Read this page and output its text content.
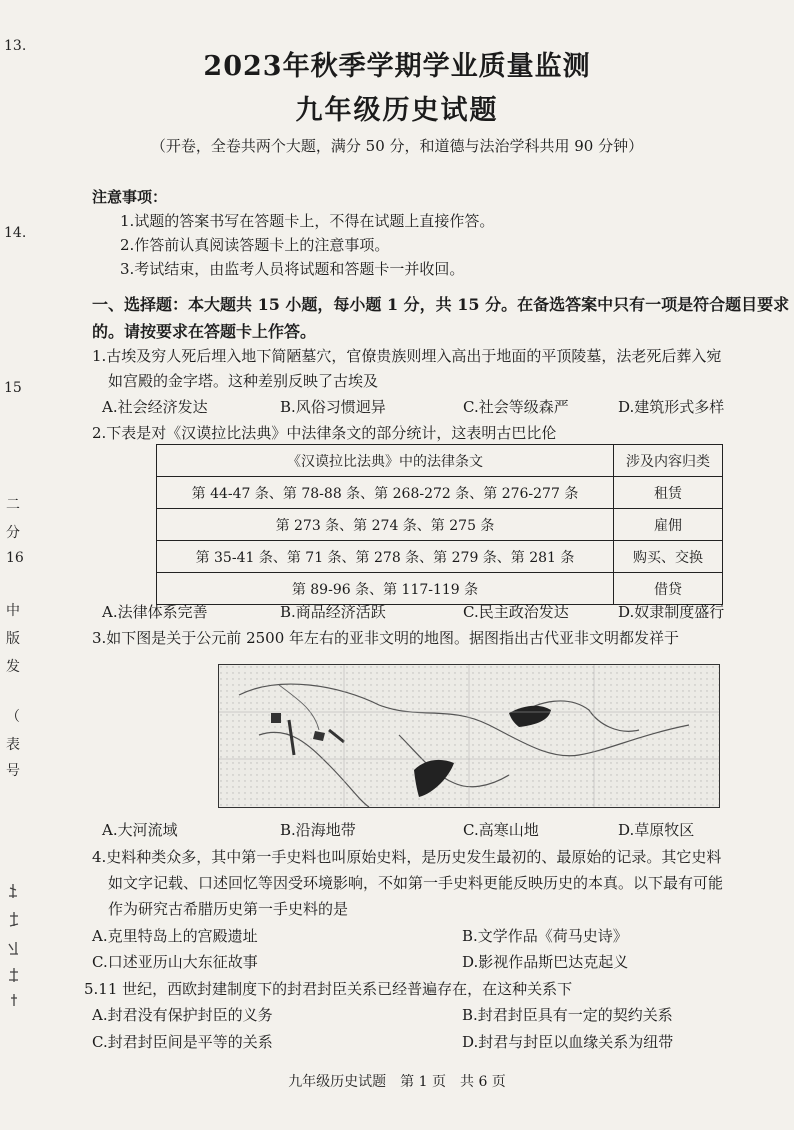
13.
14.
15
二
分
16
中
版
发
（
表
号
2023年秋季学期学业质量监测
九年级历史试题
（开卷，全卷共两个大题，满分 50 分，和道德与法治学科共用 90 分钟）
注意事项：
1.试题的答案书写在答题卡上，不得在试题上直接作答。
2.作答前认真阅读答题卡上的注意事项。
3.考试结束，由监考人员将试题和答题卡一并收回。
一、选择题：本大题共 15 小题，每小题 1 分，共 15 分。在备选答案中只有一项是符合题目要求
的。请按要求在答题卡上作答。
1.古埃及穷人死后埋入地下简陋墓穴，官僚贵族则埋入高出于地面的平顶陵墓，法老死后葬入宛
如宫殿的金字塔。这种差别反映了古埃及
A.社会经济发达	B.风俗习惯迥异	C.社会等级森严	D.建筑形式多样
2.下表是对《汉谟拉比法典》中法律条文的部分统计，这表明古巴比伦
《汉谟拉比法典》中的法律条文	涉及内容归类
第 44-47 条、第 78-88 条、第 268-272 条、第 276-277 条	租赁
第 273 条、第 274 条、第 275 条	雇佣
第 35-41 条、第 71 条、第 278 条、第 279 条、第 281 条	购买、交换
第 89-96 条、第 117-119 条	借贷
A.法律体系完善	B.商品经济活跃	C.民主政治发达	D.奴隶制度盛行
3.如下图是关于公元前 2500 年左右的亚非文明的地图。据图指出古代亚非文明都发祥于
A.大河流域	B.沿海地带	C.高寒山地	D.草原牧区
4.史料种类众多，其中第一手史料也叫原始史料，是历史发生最初的、最原始的记录。其它史料
如文字记载、口述回忆等因受环境影响，不如第一手史料更能反映历史的本真。以下最有可能
作为研究古希腊历史第一手史料的是
A.克里特岛上的宫殿遗址	B.文学作品《荷马史诗》
C.口述亚历山大东征故事	D.影视作品斯巴达克起义
5.11 世纪，西欧封建制度下的封君封臣关系已经普遍存在，在这种关系下
A.封君没有保护封臣的义务	B.封君封臣具有一定的契约关系
C.封君封臣间是平等的关系	D.封君与封臣以血缘关系为纽带
九年级历史试题　第 1 页　共 6 页
